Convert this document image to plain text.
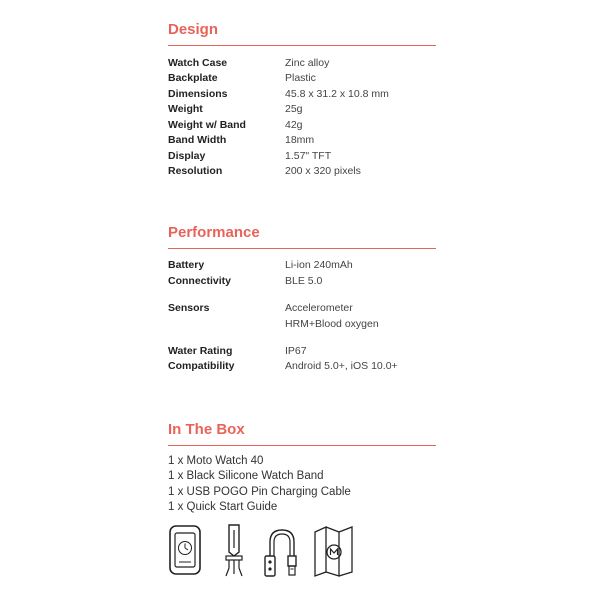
Design
Watch Case	Zinc alloy
Backplate	Plastic
Dimensions	45.8 x 31.2 x 10.8 mm
Weight	25g
Weight w/ Band	42g
Band Width	18mm
Display	1.57" TFT
Resolution	200 x 320 pixels
Performance
Battery	Li-ion 240mAh
Connectivity	BLE 5.0
Sensors	Accelerometer
HRM+Blood oxygen
Water Rating	IP67
Compatibility	Android 5.0+, iOS 10.0+
In The Box
1 x Moto Watch 40
1 x Black Silicone Watch Band
1 x USB POGO Pin Charging Cable
1 x Quick Start Guide
